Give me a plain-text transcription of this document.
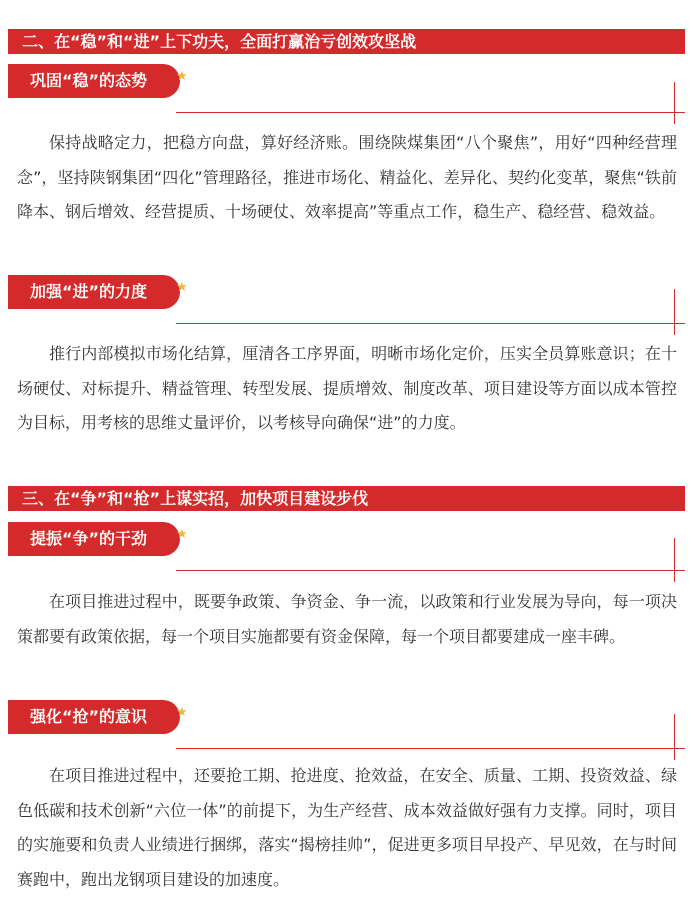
二、在“稳”和“进”上下功夫，全面打赢治亏创效攻坚战
巩固“稳”的态势	★

保持战略定力，把稳方向盘，算好经济账。围绕陕煤集团“八个聚焦”，用好“四种经营理念”，坚持陕钢集团“四化”管理路径，推进市场化、精益化、差异化、契约化变革，聚焦“铁前降本、钢后增效、经营提质、十场硬仗、效率提高”等重点工作，稳生产、稳经营、稳效益。

加强“进”的力度	★

推行内部模拟市场化结算，厘清各工序界面，明晰市场化定价，压实全员算账意识；在十场硬仗、对标提升、精益管理、转型发展、提质增效、制度改革、项目建设等方面以成本管控为目标，用考核的思维丈量评价，以考核导向确保“进”的力度。

三、在“争”和“抢”上谋实招，加快项目建设步伐
提振“争”的干劲	★

在项目推进过程中，既要争政策、争资金、争一流，以政策和行业发展为导向，每一项决策都要有政策依据，每一个项目实施都要有资金保障，每一个项目都要建成一座丰碑。

强化“抢”的意识	★

在项目推进过程中，还要抢工期、抢进度、抢效益，在安全、质量、工期、投资效益、绿色低碳和技术创新“六位一体”的前提下，为生产经营、成本效益做好强有力支撑。同时，项目的实施要和负责人业绩进行捆绑，落实“揭榜挂帅”，促进更多项目早投产、早见效，在与时间赛跑中，跑出龙钢项目建设的加速度。
